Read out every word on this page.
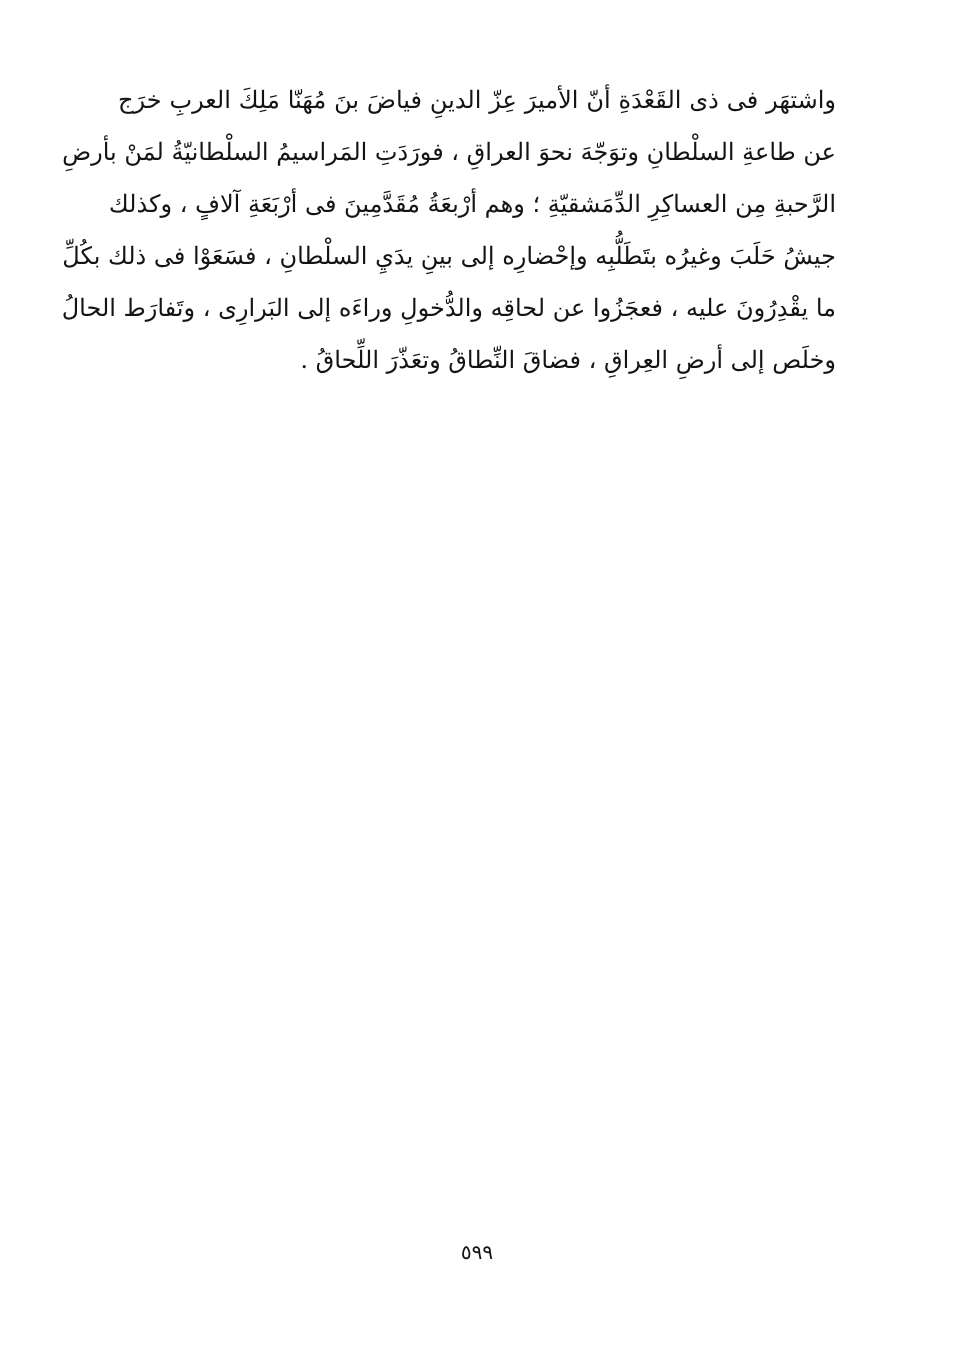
واشتهَر فى ذى القَعْدَةِ أنّ الأميرَ عِزّ الدينِ فياضَ بنَ مُهَنّا مَلِكَ العربِ خرَج
عن طاعةِ السلْطانِ وتوَجّهَ نحوَ العراقِ ، فورَدَتِ المَراسيمُ السلْطانيّةُ لمَنْ بأرضِ
الرَّحبةِ مِن العساكِرِ الدِّمَشقيّةِ ؛ وهم أرْبعَةُ مُقَدَّمِينَ فى أرْبَعَةِ آلافٍ ، وكذلك
جيشُ حَلَبَ وغيرُه بتَطَلُّبِه وإحْضارِه إلى بينِ يدَيِ السلْطانِ ، فسَعَوْا فى ذلك بكُلِّ
ما يقْدِرُونَ عليه ، فعجَزُوا عن لحاقِه والدُّخولِ وراءَه إلى البَرارِى ، وتَفارَط الحالُ
وخلَص إلى أرضِ العِراقِ ، فضاقَ النِّطاقُ وتعَذّرَ اللِّحاقُ .
٥٩٩
